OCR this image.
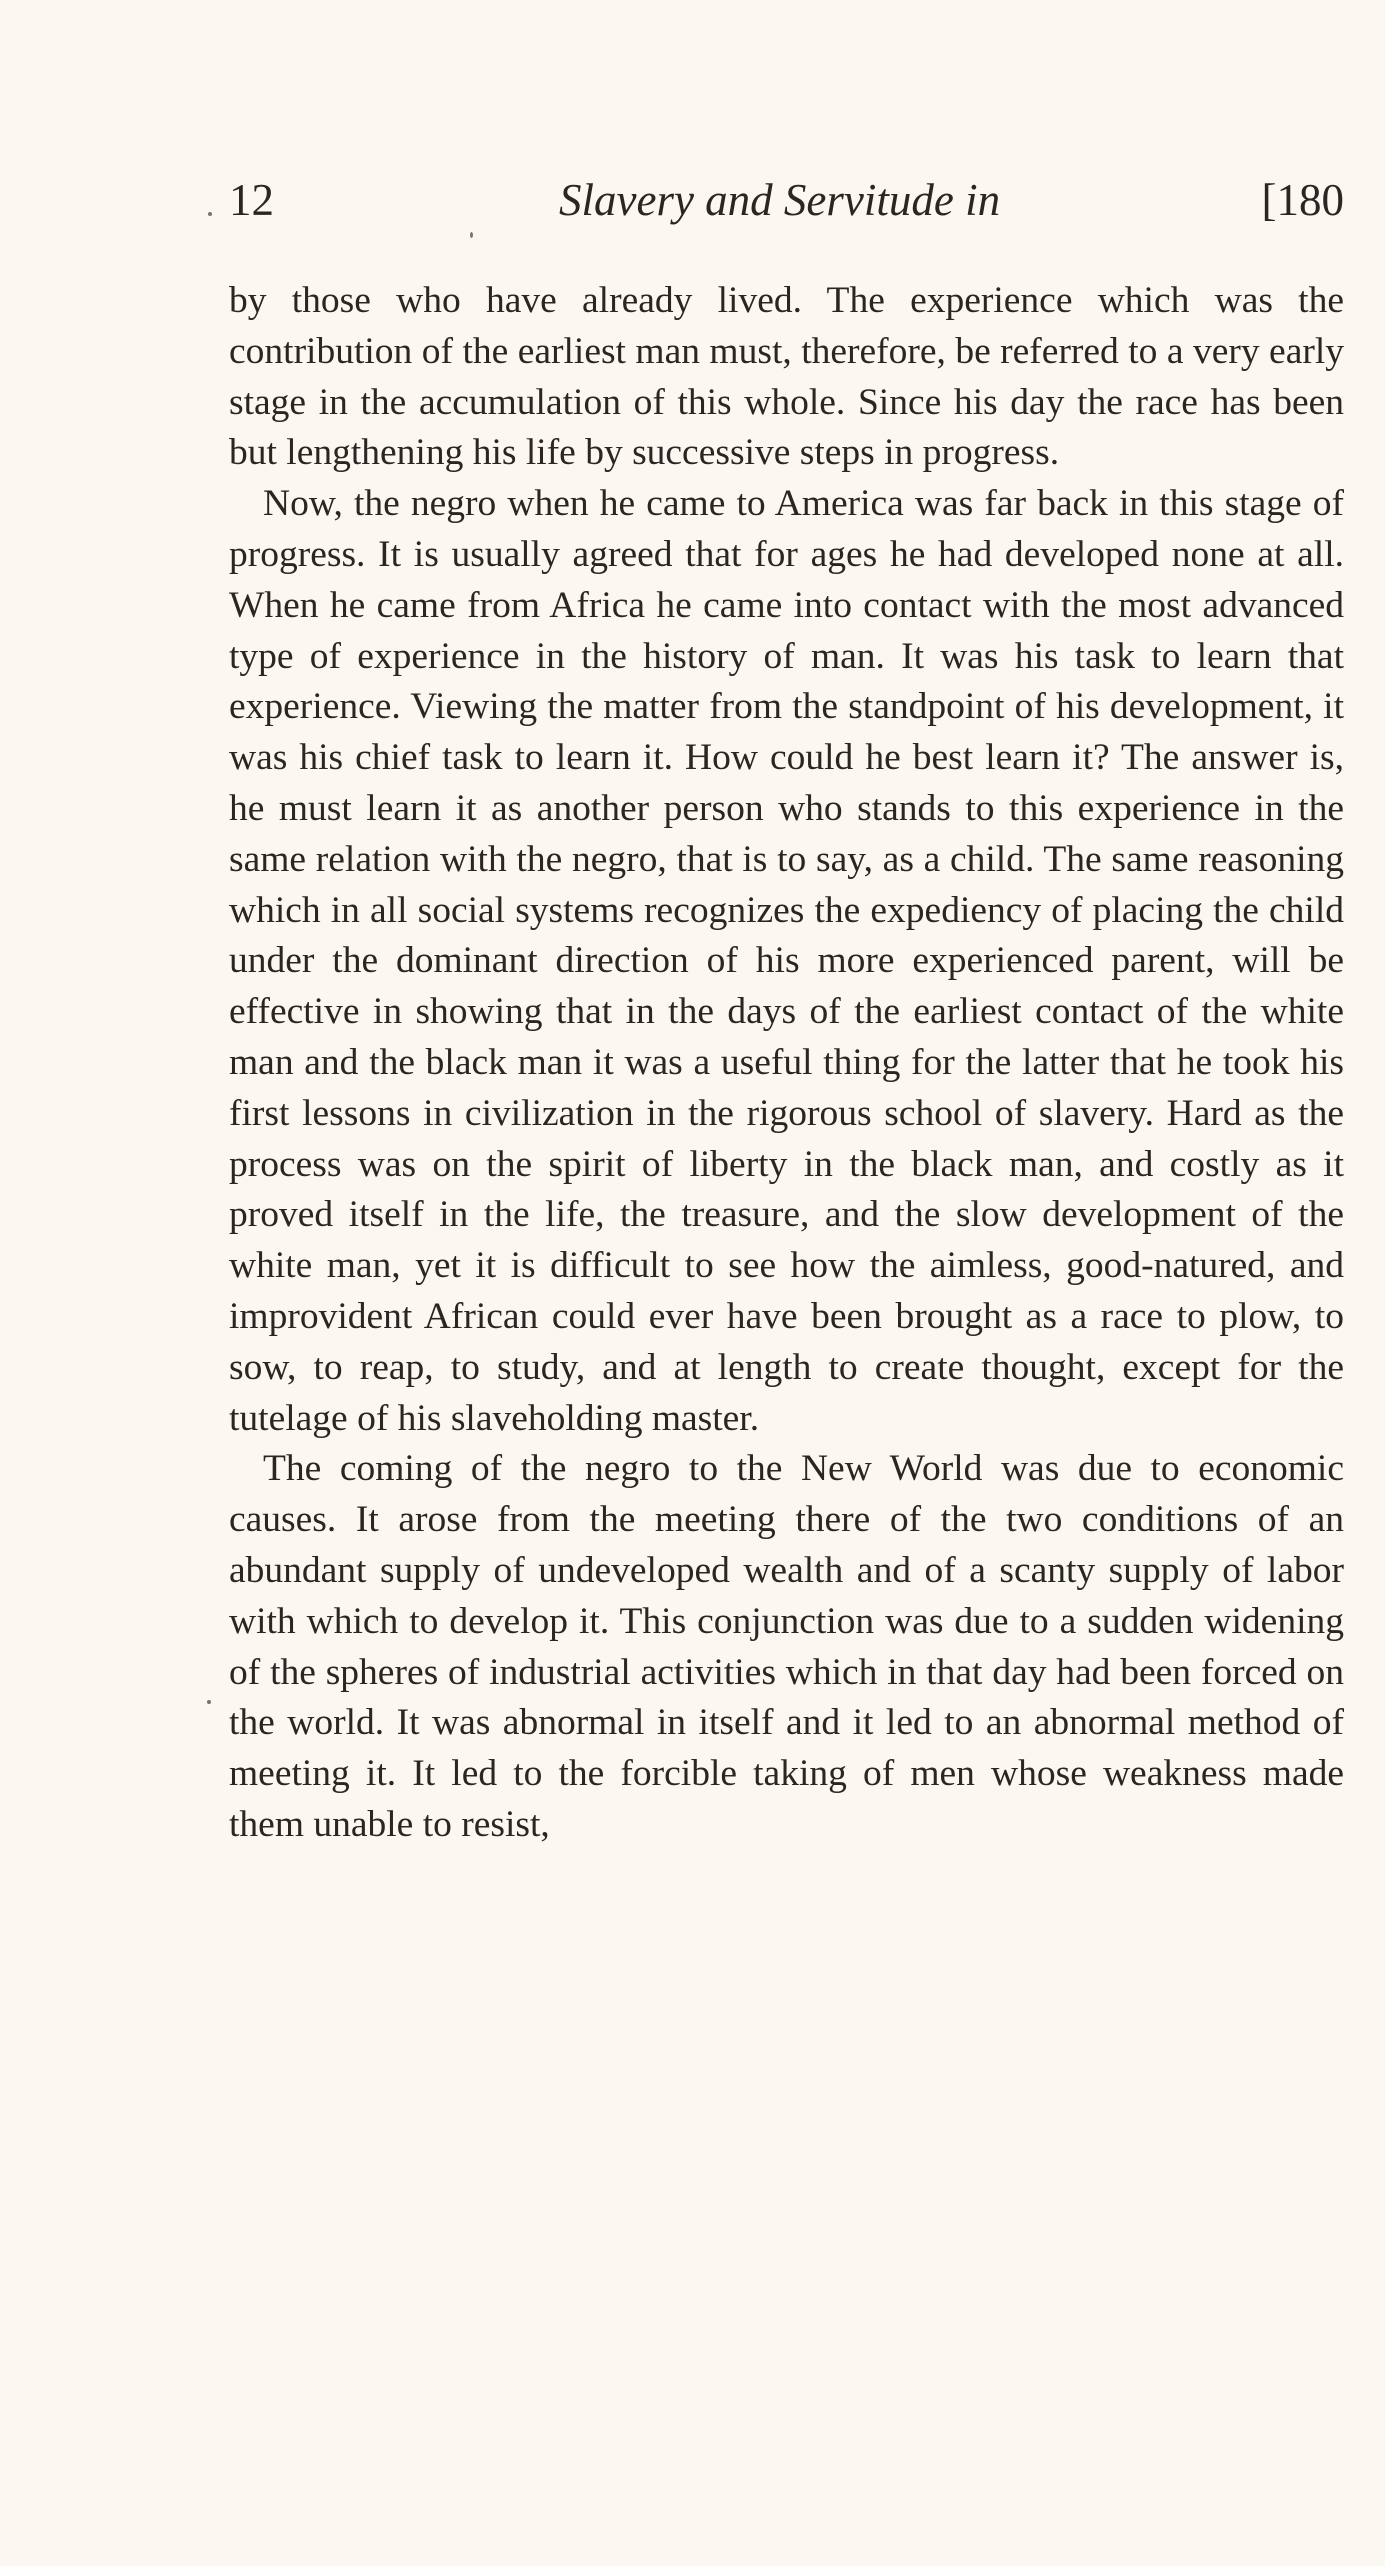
12	Slavery and Servitude in	[180

by those who have already lived. The experience which was the contribution of the earliest man must, therefore, be referred to a very early stage in the accumulation of this whole. Since his day the race has been but lengthening his life by successive steps in progress.

Now, the negro when he came to America was far back in this stage of progress. It is usually agreed that for ages he had developed none at all. When he came from Africa he came into contact with the most advanced type of experience in the history of man. It was his task to learn that experience. Viewing the matter from the standpoint of his development, it was his chief task to learn it. How could he best learn it? The answer is, he must learn it as another person who stands to this experience in the same relation with the negro, that is to say, as a child. The same reasoning which in all social systems recognizes the expediency of placing the child under the dominant direction of his more experienced parent, will be effective in showing that in the days of the earliest contact of the white man and the black man it was a useful thing for the latter that he took his first lessons in civilization in the rigorous school of slavery. Hard as the process was on the spirit of liberty in the black man, and costly as it proved itself in the life, the treasure, and the slow development of the white man, yet it is difficult to see how the aimless, good-natured, and improvident African could ever have been brought as a race to plow, to sow, to reap, to study, and at length to create thought, except for the tutelage of his slaveholding master.

The coming of the negro to the New World was due to economic causes. It arose from the meeting there of the two conditions of an abundant supply of undeveloped wealth and of a scanty supply of labor with which to develop it. This conjunction was due to a sudden widening of the spheres of industrial activities which in that day had been forced on the world. It was abnormal in itself and it led to an abnormal method of meeting it. It led to the forcible taking of men whose weakness made them unable to resist,
